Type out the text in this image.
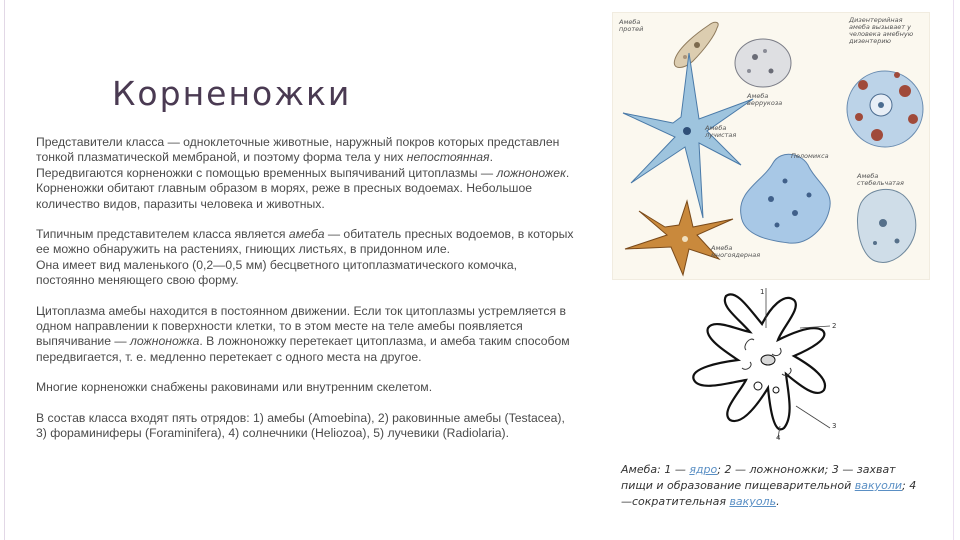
Корненожки

Представители класса — одноклеточные животные, наружный покров которых представлен тонкой плазматической мембраной, и поэтому форма тела у них непостоянная. Передвигаются корненожки с помощью временных выпячиваний цитоплазмы — ложноножек.

Корненожки обитают главным образом в морях, реже в пресных водоемах. Небольшое количество видов, паразиты человека и животных.

Типичным представителем класса является амеба — обитатель пресных водоемов, в которых ее можно обнаружить на растениях, гниющих листьях, в придонном иле.

Она имеет вид маленького (0,2—0,5 мм) бесцветного цитоплазматического комочка, постоянно меняющего свою форму.

Цитоплазма амебы находится в постоянном движении. Если ток цитоплазмы устремляется в одном направлении к поверхности клетки, то в этом месте на теле амебы появляется выпячивание — ложноножка. В ложноножку перетекает цитоплазма, и амеба таким способом передвигается, т. е. медленно перетекает с одного места на другое.

Многие корненожки снабжены раковинами или внутренним скелетом.

В состав класса входят пять отрядов: 1) амебы (Amoebina), 2) раковинные амебы (Testacea), 3) фораминиферы (Foraminifera), 4) солнечники (Heliozoa), 5) лучевики (Radiolaria).

Амеба протей
Амеба веррукоза
Дизентерийная амеба вызывает у человека амебную дизентерию
Амеба лучистая
Пеломикса
Амеба многоядерная
Амеба стебельчатая
1
2
3
4
Амеба: 1 — ядро; 2 — ложноножки; 3 — захват пищи и образование пищеварительной вакуоли; 4 —сократительная вакуоль.
